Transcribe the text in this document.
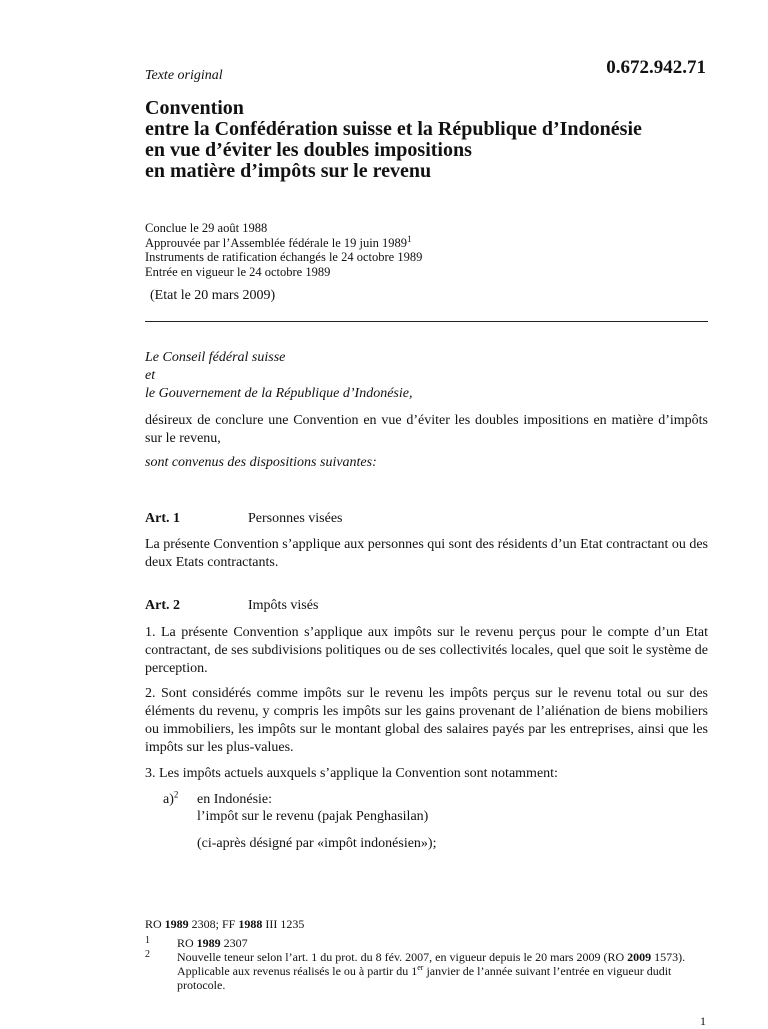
Texte original	0.672.942.71
Convention
entre la Confédération suisse et la République d’Indonésie
en vue d’éviter les doubles impositions
en matière d’impôts sur le revenu
Conclue le 29 août 1988
Approuvée par l’Assemblée fédérale le 19 juin 1989$^1$
Instruments de ratification échangés le 24 octobre 1989
Entrée en vigueur le 24 octobre 1989
(Etat le 20 mars 2009)
Le Conseil fédéral suisse
et
le Gouvernement de la République d’Indonésie,
désireux de conclure une Convention en vue d’éviter les doubles impositions en matière d’impôts sur le revenu,
sont convenus des dispositions suivantes:
Art. 1	Personnes visées
La présente Convention s’applique aux personnes qui sont des résidents d’un Etat contractant ou des deux Etats contractants.
Art. 2	Impôts visés
1. La présente Convention s’applique aux impôts sur le revenu perçus pour le compte d’un Etat contractant, de ses subdivisions politiques ou de ses collectivités locales, quel que soit le système de perception.
2. Sont considérés comme impôts sur le revenu les impôts perçus sur le revenu total ou sur des éléments du revenu, y compris les impôts sur les gains provenant de l’aliénation de biens mobiliers ou immobiliers, les impôts sur le montant global des salaires payés par les entreprises, ainsi que les impôts sur les plus-values.
3. Les impôts actuels auxquels s’applique la Convention sont notamment:
a)$^2$ en Indonésie:
l’impôt sur le revenu (pajak Penghasilan)
(ci-après désigné par «impôt indonésien»);
RO 1989 2308; FF 1988 III 1235
1 RO 1989 2307
2 Nouvelle teneur selon l’art. 1 du prot. du 8 fév. 2007, en vigueur depuis le 20 mars 2009 (RO 2009 1573). Applicable aux revenus réalisés le ou à partir du 1er janvier de l’année suivant l’entrée en vigueur dudit protocole.
1
